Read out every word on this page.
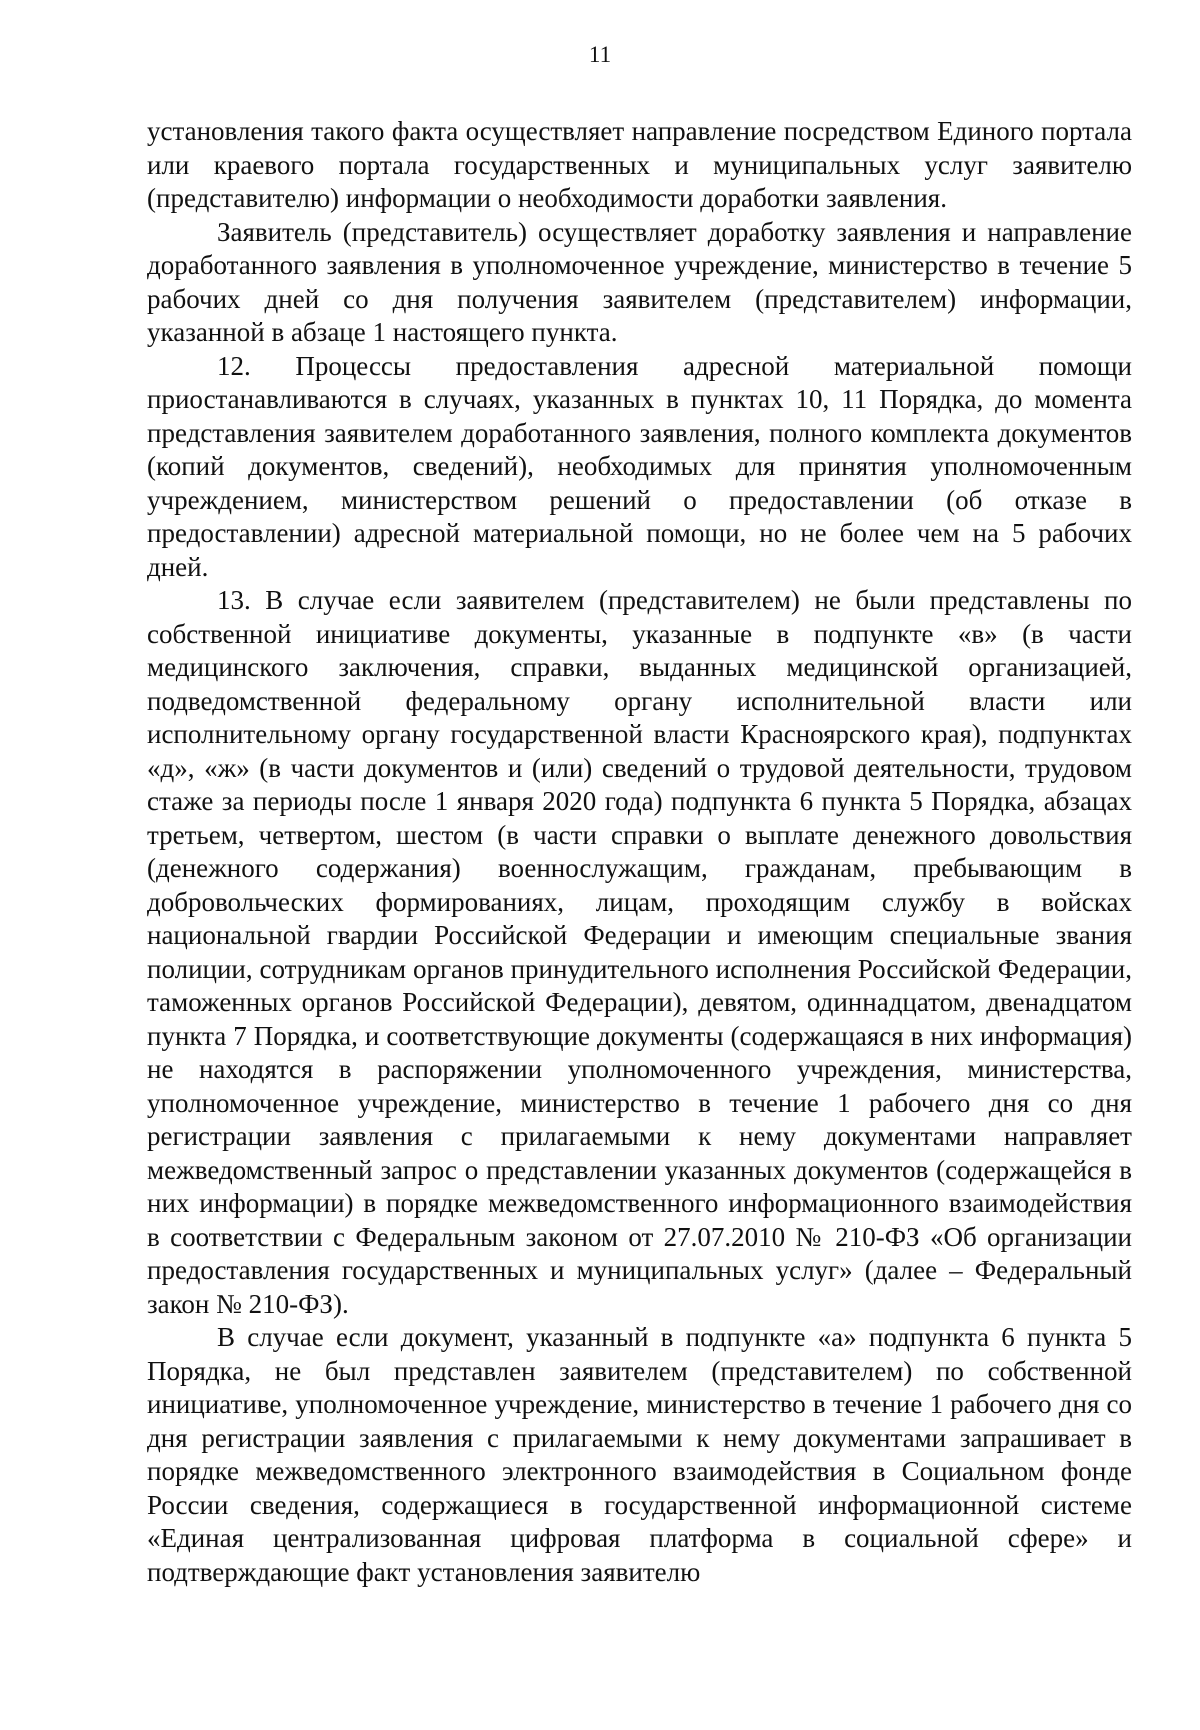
11

установления такого факта осуществляет направление посредством Единого портала или краевого портала государственных и муниципальных услуг заявителю (представителю) информации о необходимости доработки заявления.

Заявитель (представитель) осуществляет доработку заявления и направление доработанного заявления в уполномоченное учреждение, министерство в течение 5 рабочих дней со дня получения заявителем (представителем) информации, указанной в абзаце 1 настоящего пункта.

12. Процессы предоставления адресной материальной помощи приостанавливаются в случаях, указанных в пунктах 10, 11 Порядка, до момента представления заявителем доработанного заявления, полного комплекта документов (копий документов, сведений), необходимых для принятия уполномоченным учреждением, министерством решений о предоставлении (об отказе в предоставлении) адресной материальной помощи, но не более чем на 5 рабочих дней.

13. В случае если заявителем (представителем) не были представлены по собственной инициативе документы, указанные в подпункте «в» (в части медицинского заключения, справки, выданных медицинской организацией, подведомственной федеральному органу исполнительной власти или исполнительному органу государственной власти Красноярского края), подпунктах «д», «ж» (в части документов и (или) сведений о трудовой деятельности, трудовом стаже за периоды после 1 января 2020 года) подпункта 6 пункта 5 Порядка, абзацах третьем, четвертом, шестом (в части справки о выплате денежного довольствия (денежного содержания) военнослужащим, гражданам, пребывающим в добровольческих формированиях, лицам, проходящим службу в войсках национальной гвардии Российской Федерации и имеющим специальные звания полиции, сотрудникам органов принудительного исполнения Российской Федерации, таможенных органов Российской Федерации), девятом, одиннадцатом, двенадцатом пункта 7 Порядка, и соответствующие документы (содержащаяся в них информация) не находятся в распоряжении уполномоченного учреждения, министерства, уполномоченное учреждение, министерство в течение 1 рабочего дня со дня регистрации заявления с прилагаемыми к нему документами направляет межведомственный запрос о представлении указанных документов (содержащейся в них информации) в порядке межведомственного информационного взаимодействия в соответствии с Федеральным законом от 27.07.2010 № 210-ФЗ «Об организации предоставления государственных и муниципальных услуг» (далее – Федеральный закон № 210-ФЗ).

В случае если документ, указанный в подпункте «а» подпункта 6 пункта 5 Порядка, не был представлен заявителем (представителем) по собственной инициативе, уполномоченное учреждение, министерство в течение 1 рабочего дня со дня регистрации заявления с прилагаемыми к нему документами запрашивает в порядке межведомственного электронного взаимодействия в Социальном фонде России сведения, содержащиеся в государственной информационной системе «Единая централизованная цифровая платформа в социальной сфере» и подтверждающие факт установления заявителю
